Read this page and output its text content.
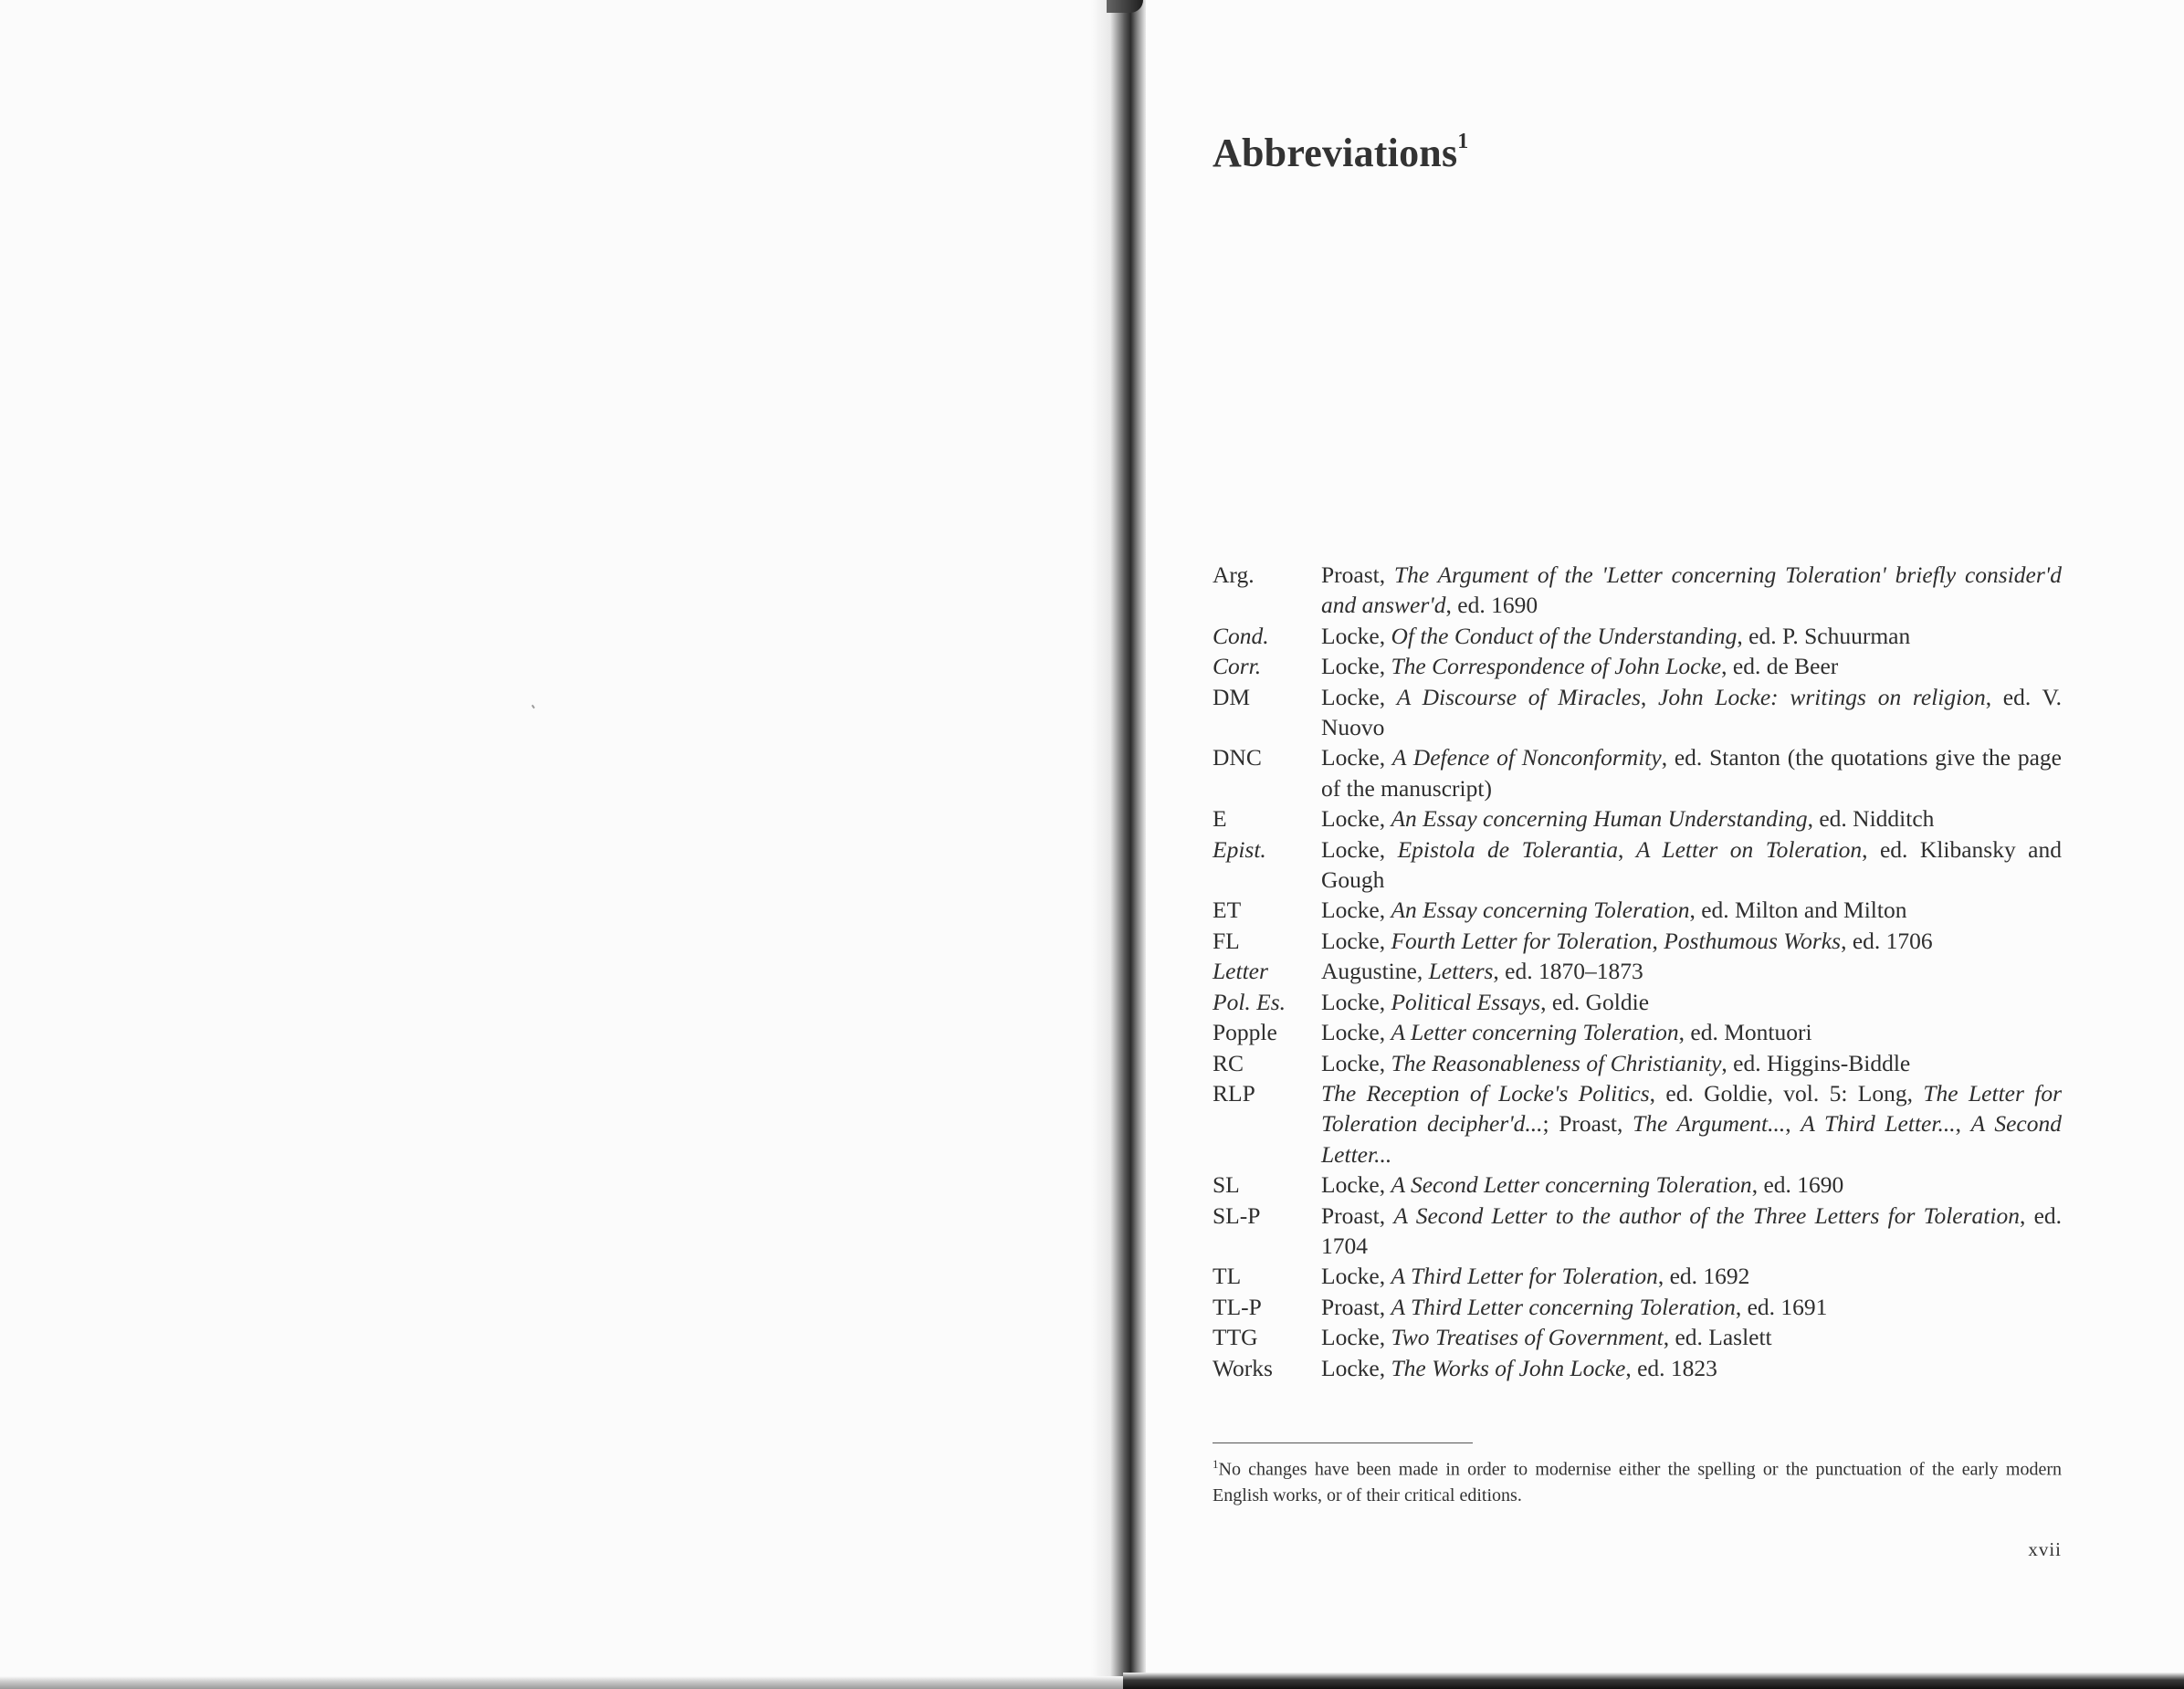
Abbreviations$^1$
Arg.	Proast, The Argument of the 'Letter concerning Toleration' briefly consider'd and answer'd, ed. 1690
Cond.	Locke, Of the Conduct of the Understanding, ed. P. Schuurman
Corr.	Locke, The Correspondence of John Locke, ed. de Beer
DM	Locke, A Discourse of Miracles, John Locke: writings on religion, ed. V. Nuovo
DNC	Locke, A Defence of Nonconformity, ed. Stanton (the quotations give the page of the manuscript)
E	Locke, An Essay concerning Human Understanding, ed. Nidditch
Epist.	Locke, Epistola de Tolerantia, A Letter on Toleration, ed. Klibansky and Gough
ET	Locke, An Essay concerning Toleration, ed. Milton and Milton
FL	Locke, Fourth Letter for Toleration, Posthumous Works, ed. 1706
Letter	Augustine, Letters, ed. 1870–1873
Pol. Es.	Locke, Political Essays, ed. Goldie
Popple	Locke, A Letter concerning Toleration, ed. Montuori
RC	Locke, The Reasonableness of Christianity, ed. Higgins-Biddle
RLP	The Reception of Locke's Politics, ed. Goldie, vol. 5: Long, The Letter for Toleration decipher'd...; Proast, The Argument..., A Third Letter..., A Second Letter...
SL	Locke, A Second Letter concerning Toleration, ed. 1690
SL-P	Proast, A Second Letter to the author of the Three Letters for Toleration, ed. 1704
TL	Locke, A Third Letter for Toleration, ed. 1692
TL-P	Proast, A Third Letter concerning Toleration, ed. 1691
TTG	Locke, Two Treatises of Government, ed. Laslett
Works	Locke, The Works of John Locke, ed. 1823
$^1$No changes have been made in order to modernise either the spelling or the punctuation of the early modern English works, or of their critical editions.
xvii
